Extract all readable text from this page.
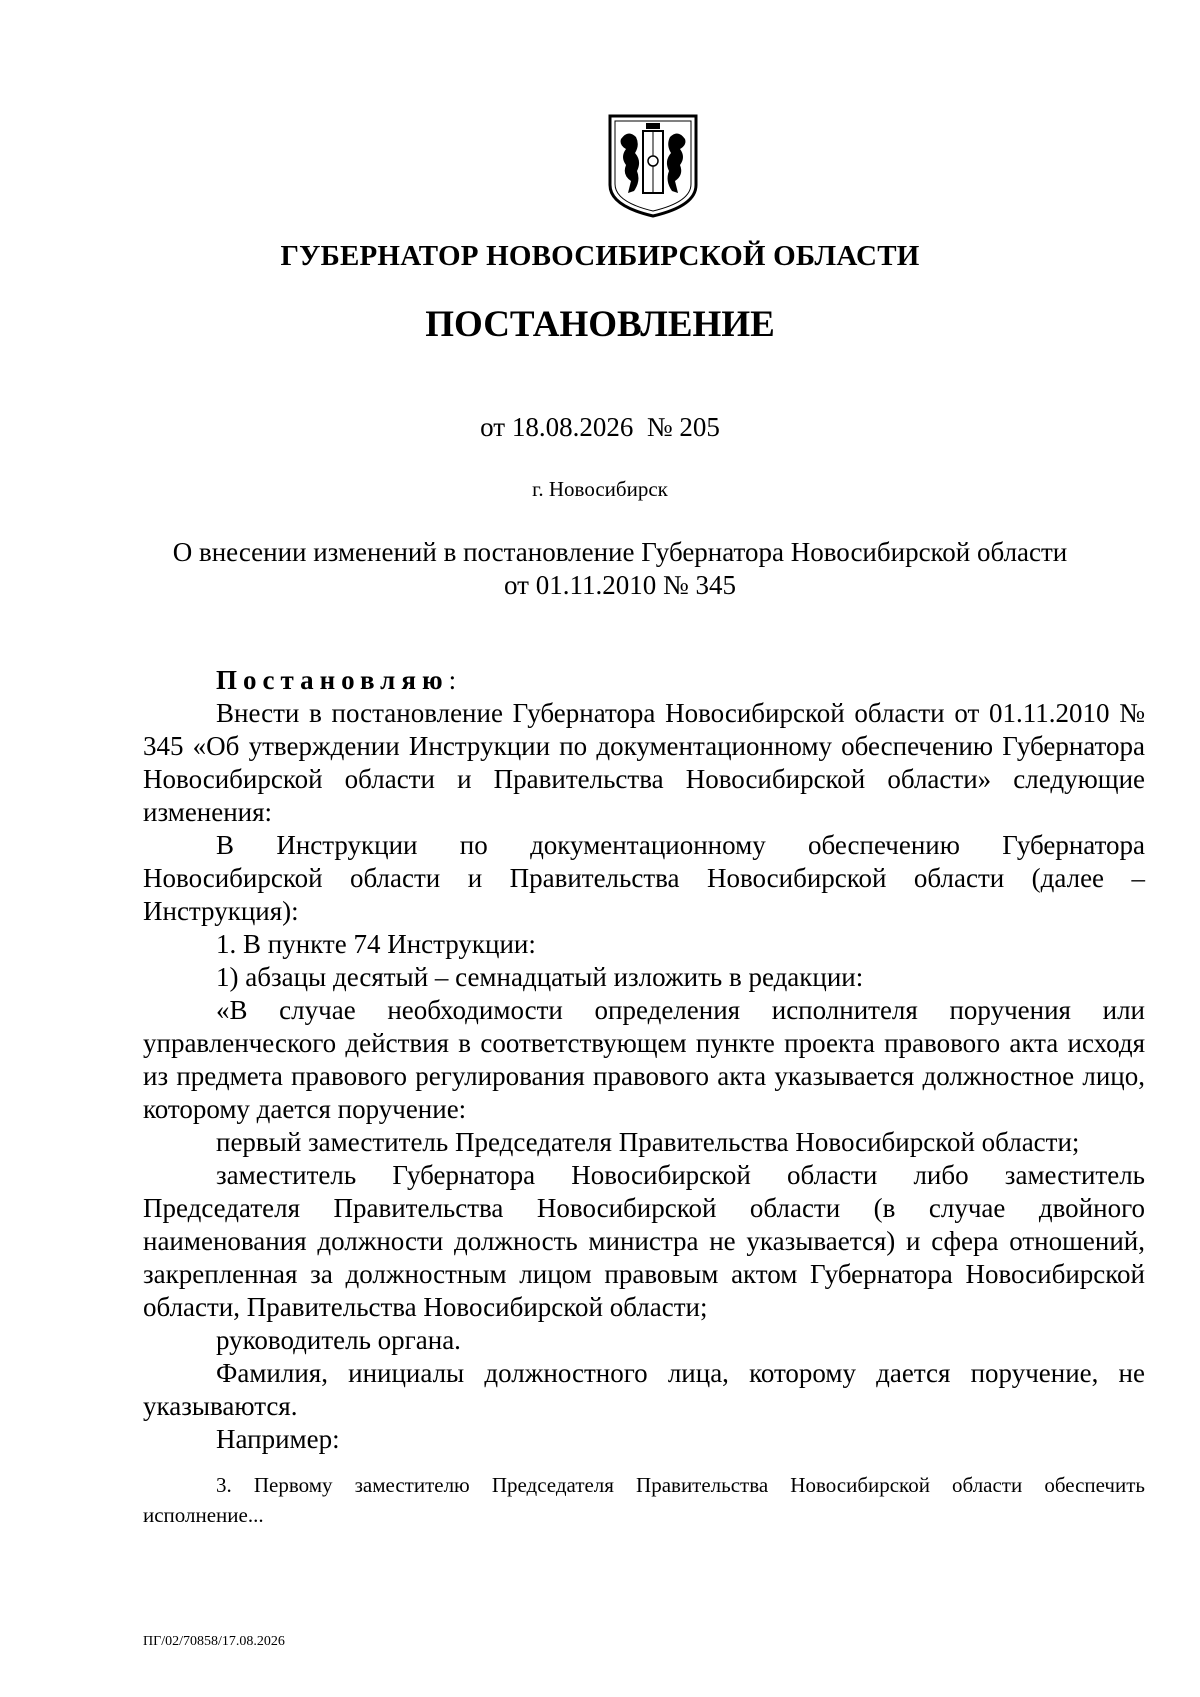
ГУБЕРНАТОР НОВОСИБИРСКОЙ ОБЛАСТИ
ПОСТАНОВЛЕНИЕ
от 18.08.2026  № 205
г. Новосибирск
О внесении изменений в постановление Губернатора Новосибирской области
от 01.11.2010 № 345

Постановляю:

Внести в постановление Губернатора Новосибирской области от 01.11.2010 № 345 «Об утверждении Инструкции по документационному обеспечению Губернатора Новосибирской области и Правительства Новосибирской области» следующие изменения:

В Инструкции по документационному обеспечению Губернатора Новосибирской области и Правительства Новосибирской области (далее – Инструкция):

1. В пункте 74 Инструкции:

1) абзацы десятый – семнадцатый изложить в редакции:

«В случае необходимости определения исполнителя поручения или управленческого действия в соответствующем пункте проекта правового акта исходя из предмета правового регулирования правового акта указывается должностное лицо, которому дается поручение:

первый заместитель Председателя Правительства Новосибирской области;

заместитель Губернатора Новосибирской области либо заместитель Председателя Правительства Новосибирской области (в случае двойного наименования должности должность министра не указывается) и сфера отношений, закрепленная за должностным лицом правовым актом Губернатора Новосибирской области, Правительства Новосибирской области;

руководитель органа.

Фамилия, инициалы должностного лица, которому дается поручение, не указываются.

Например:

3. Первому заместителю Председателя Правительства Новосибирской области обеспечить исполнение...

ПГ/02/70858/17.08.2026
